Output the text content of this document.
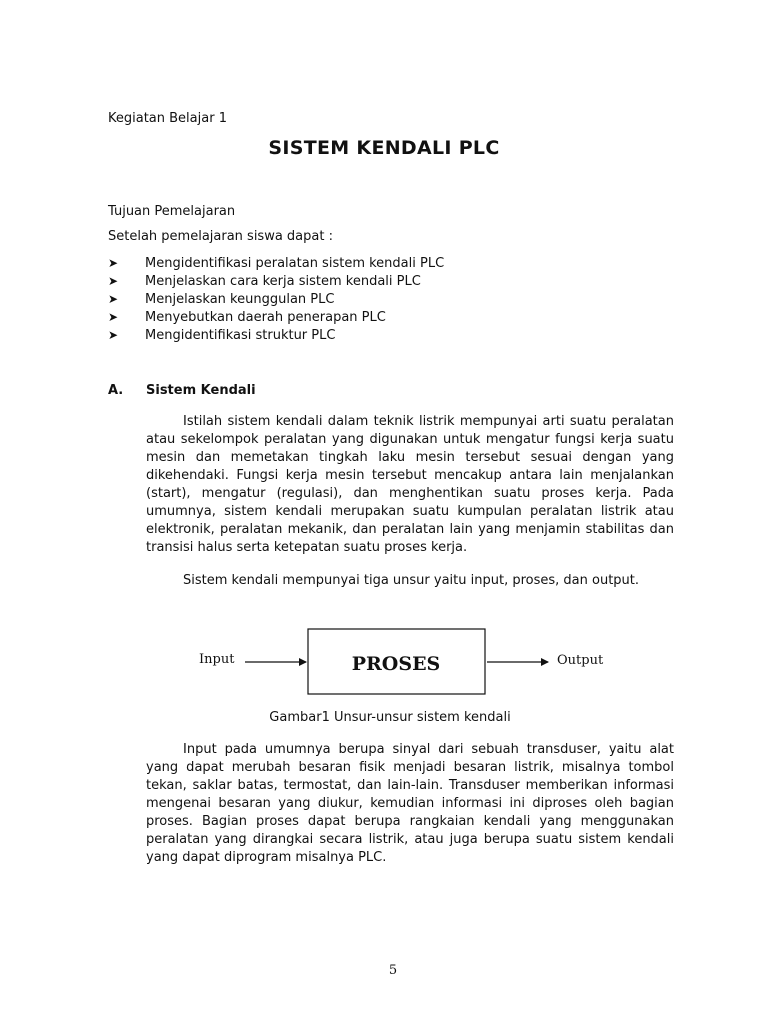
Kegiatan Belajar 1
SISTEM KENDALI PLC
Tujuan Pemelajaran
Setelah pemelajaran siswa dapat :
➤ Mengidentifikasi peralatan sistem kendali PLC
➤ Menjelaskan cara kerja sistem kendali PLC
➤ Menjelaskan keunggulan PLC
➤ Menyebutkan daerah penerapan PLC
➤ Mengidentifikasi struktur PLC
A. Sistem Kendali

Istilah sistem kendali dalam teknik listrik mempunyai arti suatu peralatan atau sekelompok peralatan yang digunakan untuk mengatur fungsi kerja suatu mesin dan memetakan tingkah laku mesin tersebut sesuai dengan yang dikehendaki. Fungsi kerja mesin tersebut mencakup antara lain menjalankan (start), mengatur (regulasi), dan menghentikan suatu proses kerja. Pada umumnya, sistem kendali merupakan suatu kumpulan peralatan listrik atau elektronik, peralatan mekanik, dan peralatan lain yang menjamin stabilitas dan transisi halus serta ketepatan suatu proses kerja.

Sistem kendali mempunyai tiga unsur yaitu input, proses, dan output.

Input	PROSES	Output
Gambar1 Unsur-unsur sistem kendali

Input pada umumnya berupa sinyal dari sebuah transduser, yaitu alat yang dapat merubah besaran fisik menjadi besaran listrik, misalnya tombol tekan, saklar batas, termostat, dan lain-lain. Transduser memberikan informasi mengenai besaran yang diukur, kemudian informasi ini diproses oleh bagian proses. Bagian proses dapat berupa rangkaian kendali yang menggunakan peralatan yang dirangkai secara listrik, atau juga berupa suatu sistem kendali yang dapat diprogram misalnya PLC.

5
